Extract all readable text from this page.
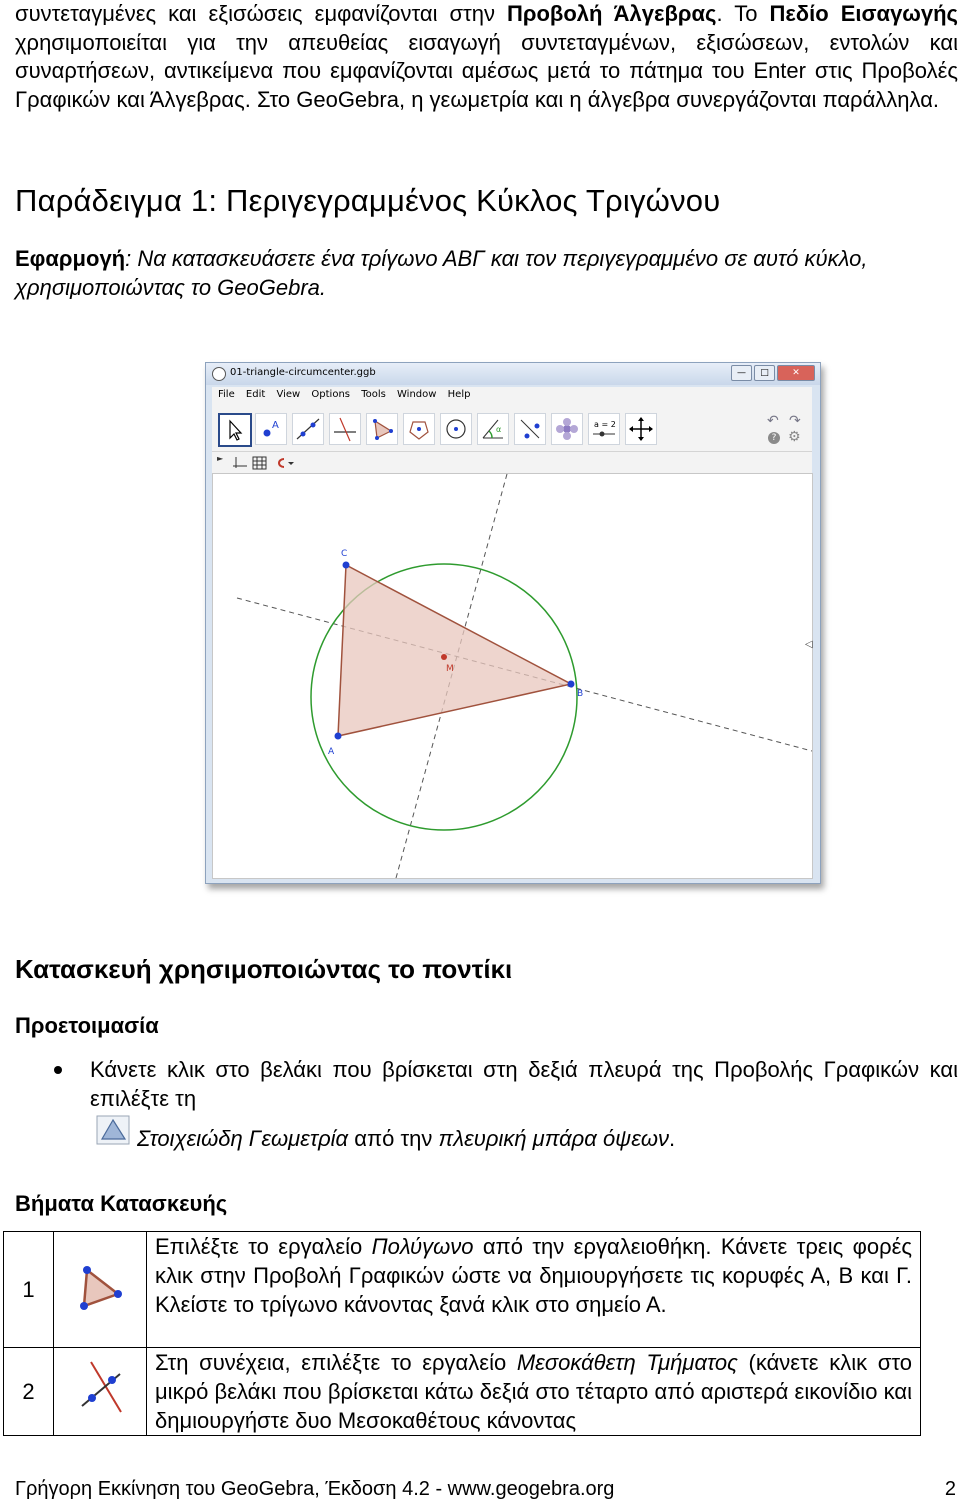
συντεταγμένες και εξισώσεις εμφανίζονται στην Προβολή Άλγεβρας. Το Πεδίο Εισαγωγής χρησιμοποιείται για την απευθείας εισαγωγή συντεταγμένων, εξισώσεων, εντολών και συναρτήσεων, αντικείμενα που εμφανίζονται αμέσως μετά το πάτημα του Enter στις Προβολές Γραφικών και Άλγεβρας. Στο GeoGebra, η γεωμετρία και η άλγεβρα συνεργάζονται παράλληλα.

Παράδειγμα 1: Περιγεγραμμένος Κύκλος Τριγώνου

Εφαρμογή: Να κατασκευάσετε ένα τρίγωνο ΑΒΓ και τον περιγεγραμμένο σε αυτό κύκλο, χρησιμοποιώντας το GeoGebra.

01-triangle-circumcenter.ggb	—	□	✕
File Edit View Options Tools Window Help
A	α
a = 2	↶ ↷
? ⚙
►
A
B
C
M
◁
Κατασκευή χρησιμοποιώντας το ποντίκι
Προετοιμασία

Κάνετε κλικ στο βελάκι που βρίσκεται στη δεξιά πλευρά της Προβολής Γραφικών και επιλέξτε τη

Στοιχειώδη Γεωμετρία από την πλευρική μπάρα όψεων.
Βήματα Κατασκευής
1		Επιλέξτε το εργαλείο Πολύγωνο από την εργαλειοθήκη. Κάνετε τρεις φορές κλικ στην Προβολή Γραφικών ώστε να δημιουργήσετε τις κορυφές Α, Β και Γ. Κλείστε το τρίγωνο κάνοντας ξανά κλικ στο σημείο Α.
2		Στη συνέχεια, επιλέξτε το εργαλείο Μεσοκάθετη Τμήματος (κάνετε κλικ στο μικρό βελάκι που βρίσκεται κάτω δεξιά στο τέταρτο από αριστερά εικονίδιο και δημιουργήστε δυο Μεσοκαθέτους κάνοντας
Γρήγορη Εκκίνηση του GeoGebra, Έκδοση 4.2 - www.geogebra.org	2
